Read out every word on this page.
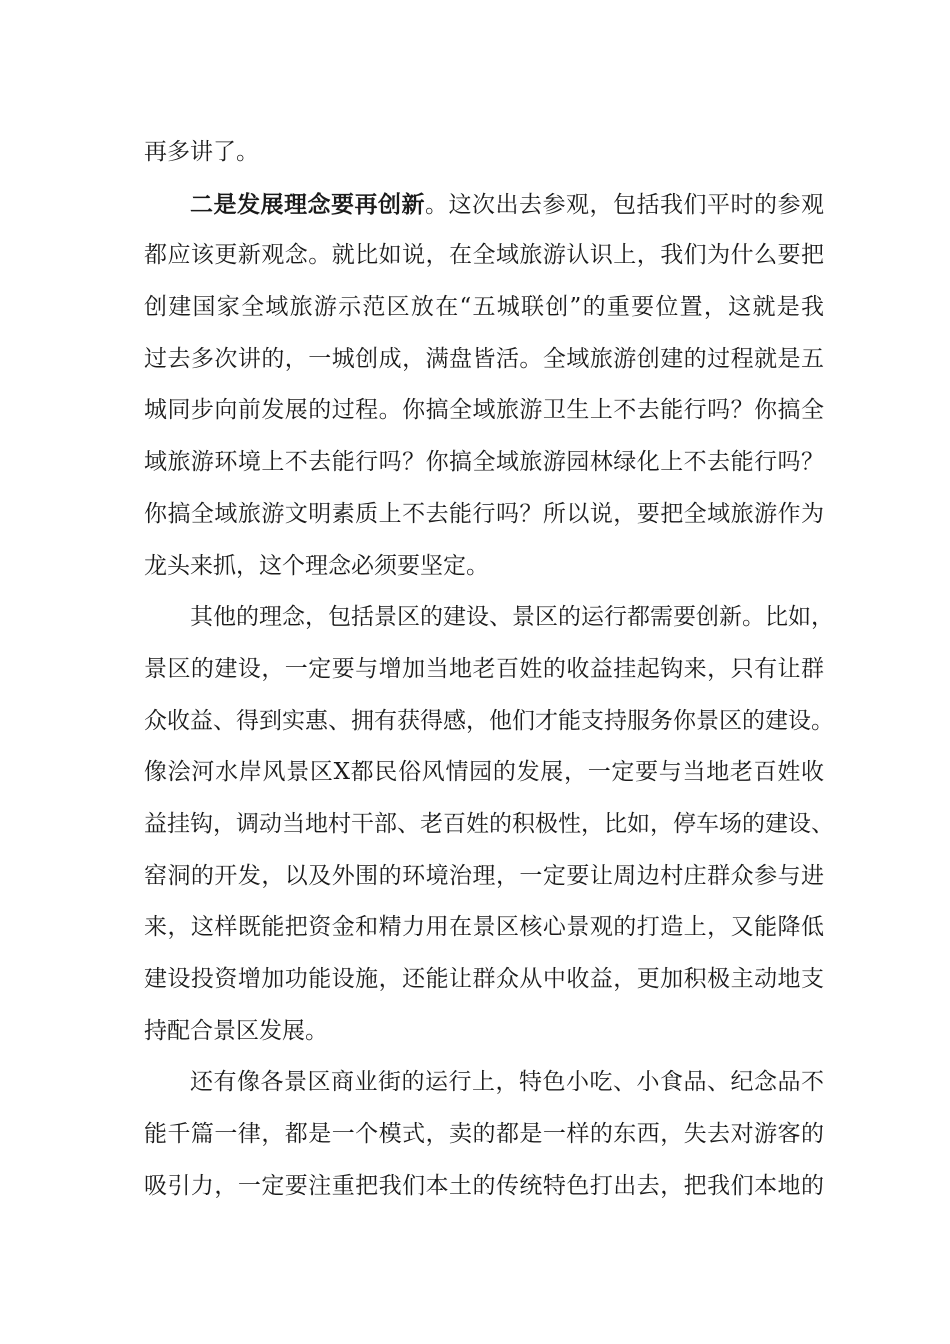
再多讲了。
二是发展理念要再创新。这次出去参观，包括我们平时的参观
都应该更新观念。就比如说，在全域旅游认识上，我们为什么要把
创建国家全域旅游示范区放在“五城联创”的重要位置，这就是我
过去多次讲的，一城创成，满盘皆活。全域旅游创建的过程就是五
城同步向前发展的过程。你搞全域旅游卫生上不去能行吗？你搞全
域旅游环境上不去能行吗？你搞全域旅游园林绿化上不去能行吗？
你搞全域旅游文明素质上不去能行吗？所以说，要把全域旅游作为
龙头来抓，这个理念必须要坚定。
其他的理念，包括景区的建设、景区的运行都需要创新。比如，
景区的建设，一定要与增加当地老百姓的收益挂起钩来，只有让群
众收益、得到实惠、拥有获得感，他们才能支持服务你景区的建设。
像浍河水岸风景区X都民俗风情园的发展，一定要与当地老百姓收
益挂钩，调动当地村干部、老百姓的积极性，比如，停车场的建设、
窑洞的开发，以及外围的环境治理，一定要让周边村庄群众参与进
来，这样既能把资金和精力用在景区核心景观的打造上，又能降低
建设投资增加功能设施，还能让群众从中收益，更加积极主动地支
持配合景区发展。
还有像各景区商业街的运行上，特色小吃、小食品、纪念品不
能千篇一律，都是一个模式，卖的都是一样的东西，失去对游客的
吸引力，一定要注重把我们本土的传统特色打出去，把我们本地的
